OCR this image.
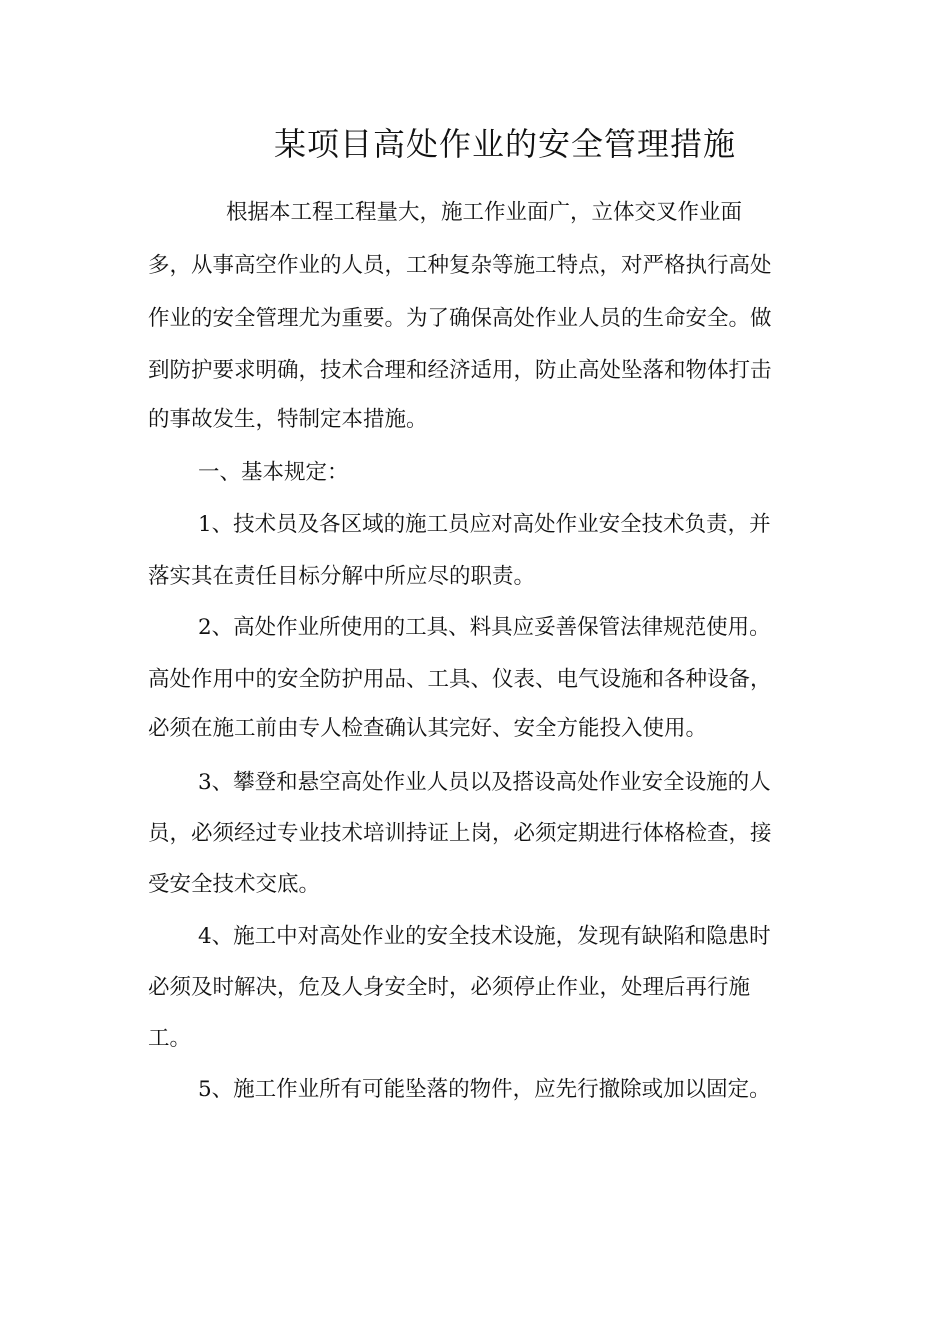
某项目高处作业的安全管理措施
根据本工程工程量大，施工作业面广，立体交叉作业面
多，从事高空作业的人员，工种复杂等施工特点，对严格执行高处
作业的安全管理尤为重要。为了确保高处作业人员的生命安全。做
到防护要求明确，技术合理和经济适用，防止高处坠落和物体打击
的事故发生，特制定本措施。
一、基本规定：
1、技术员及各区域的施工员应对高处作业安全技术负责，并
落实其在责任目标分解中所应尽的职责。
2、高处作业所使用的工具、料具应妥善保管法律规范使用。
高处作用中的安全防护用品、工具、仪表、电气设施和各种设备，
必须在施工前由专人检查确认其完好、安全方能投入使用。
3、攀登和悬空高处作业人员以及搭设高处作业安全设施的人
员，必须经过专业技术培训持证上岗，必须定期进行体格检查，接
受安全技术交底。
4、施工中对高处作业的安全技术设施，发现有缺陷和隐患时
必须及时解决，危及人身安全时，必须停止作业，处理后再行施
工。
5、施工作业所有可能坠落的物件，应先行撤除或加以固定。
